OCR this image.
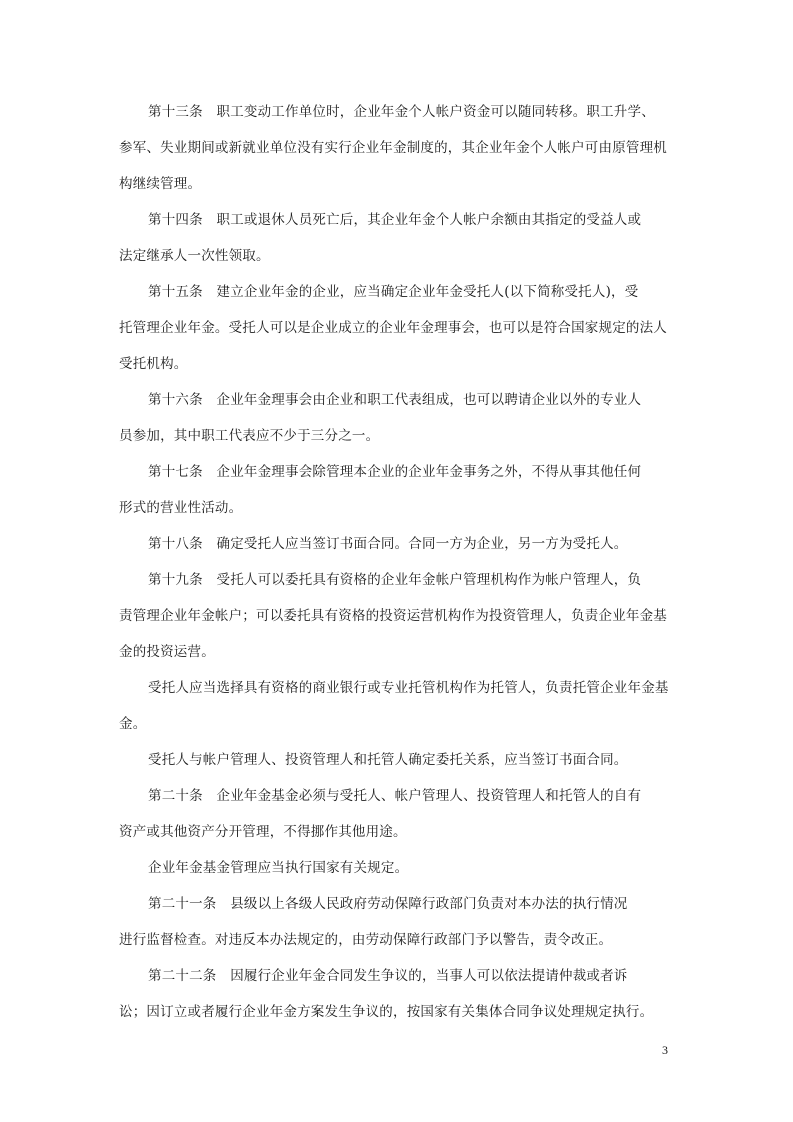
第十三条　职工变动工作单位时，企业年金个人帐户资金可以随同转移。职工升学、

参军、失业期间或新就业单位没有实行企业年金制度的，其企业年金个人帐户可由原管理机

构继续管理。

第十四条　职工或退休人员死亡后，其企业年金个人帐户余额由其指定的受益人或

法定继承人一次性领取。

第十五条　建立企业年金的企业，应当确定企业年金受托人(以下简称受托人)，受

托管理企业年金。受托人可以是企业成立的企业年金理事会，也可以是符合国家规定的法人

受托机构。

第十六条　企业年金理事会由企业和职工代表组成，也可以聘请企业以外的专业人

员参加，其中职工代表应不少于三分之一。

第十七条　企业年金理事会除管理本企业的企业年金事务之外，不得从事其他任何

形式的营业性活动。

第十八条　确定受托人应当签订书面合同。合同一方为企业，另一方为受托人。

第十九条　受托人可以委托具有资格的企业年金帐户管理机构作为帐户管理人，负

责管理企业年金帐户；可以委托具有资格的投资运营机构作为投资管理人，负责企业年金基

金的投资运营。

受托人应当选择具有资格的商业银行或专业托管机构作为托管人，负责托管企业年金基

金。

受托人与帐户管理人、投资管理人和托管人确定委托关系，应当签订书面合同。

第二十条　企业年金基金必须与受托人、帐户管理人、投资管理人和托管人的自有

资产或其他资产分开管理，不得挪作其他用途。

企业年金基金管理应当执行国家有关规定。

第二十一条　县级以上各级人民政府劳动保障行政部门负责对本办法的执行情况

进行监督检查。对违反本办法规定的，由劳动保障行政部门予以警告，责令改正。

第二十二条　因履行企业年金合同发生争议的，当事人可以依法提请仲裁或者诉

讼；因订立或者履行企业年金方案发生争议的，按国家有关集体合同争议处理规定执行。

3
